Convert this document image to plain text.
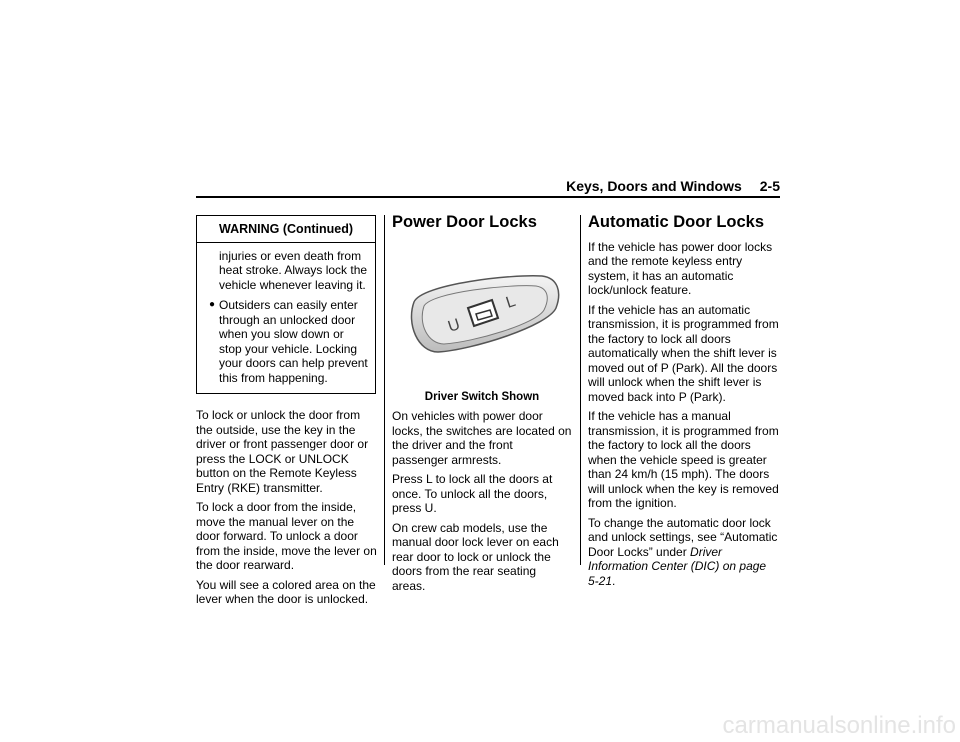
Keys, Doors and Windows 2-5
WARNING (Continued)
injuries or even death from heat stroke. Always lock the vehicle whenever leaving it.
● Outsiders can easily enter through an unlocked door when you slow down or stop your vehicle. Locking your doors can help prevent this from happening.

To lock or unlock the door from the outside, use the key in the driver or front passenger door or press the LOCK or UNLOCK button on the Remote Keyless Entry (RKE) transmitter.

To lock a door from the inside, move the manual lever on the door forward. To unlock a door from the inside, move the lever on the door rearward.

You will see a colored area on the lever when the door is unlocked.

Power Door Locks
U
L

Driver Switch Shown

On vehicles with power door locks, the switches are located on the driver and the front passenger armrests.

Press L to lock all the doors at once. To unlock all the doors, press U.

On crew cab models, use the manual door lock lever on each rear door to lock or unlock the doors from the rear seating areas.

Automatic Door Locks

If the vehicle has power door locks and the remote keyless entry system, it has an automatic lock/unlock feature.

If the vehicle has an automatic transmission, it is programmed from the factory to lock all doors automatically when the shift lever is moved out of P (Park). All the doors will unlock when the shift lever is moved back into P (Park).

If the vehicle has a manual transmission, it is programmed from the factory to lock all the doors when the vehicle speed is greater than 24 km/h (15 mph). The doors will unlock when the key is removed from the ignition.

To change the automatic door lock and unlock settings, see “Automatic Door Locks” under Driver Information Center (DIC) on page 5-21.

carmanualsonline.info
